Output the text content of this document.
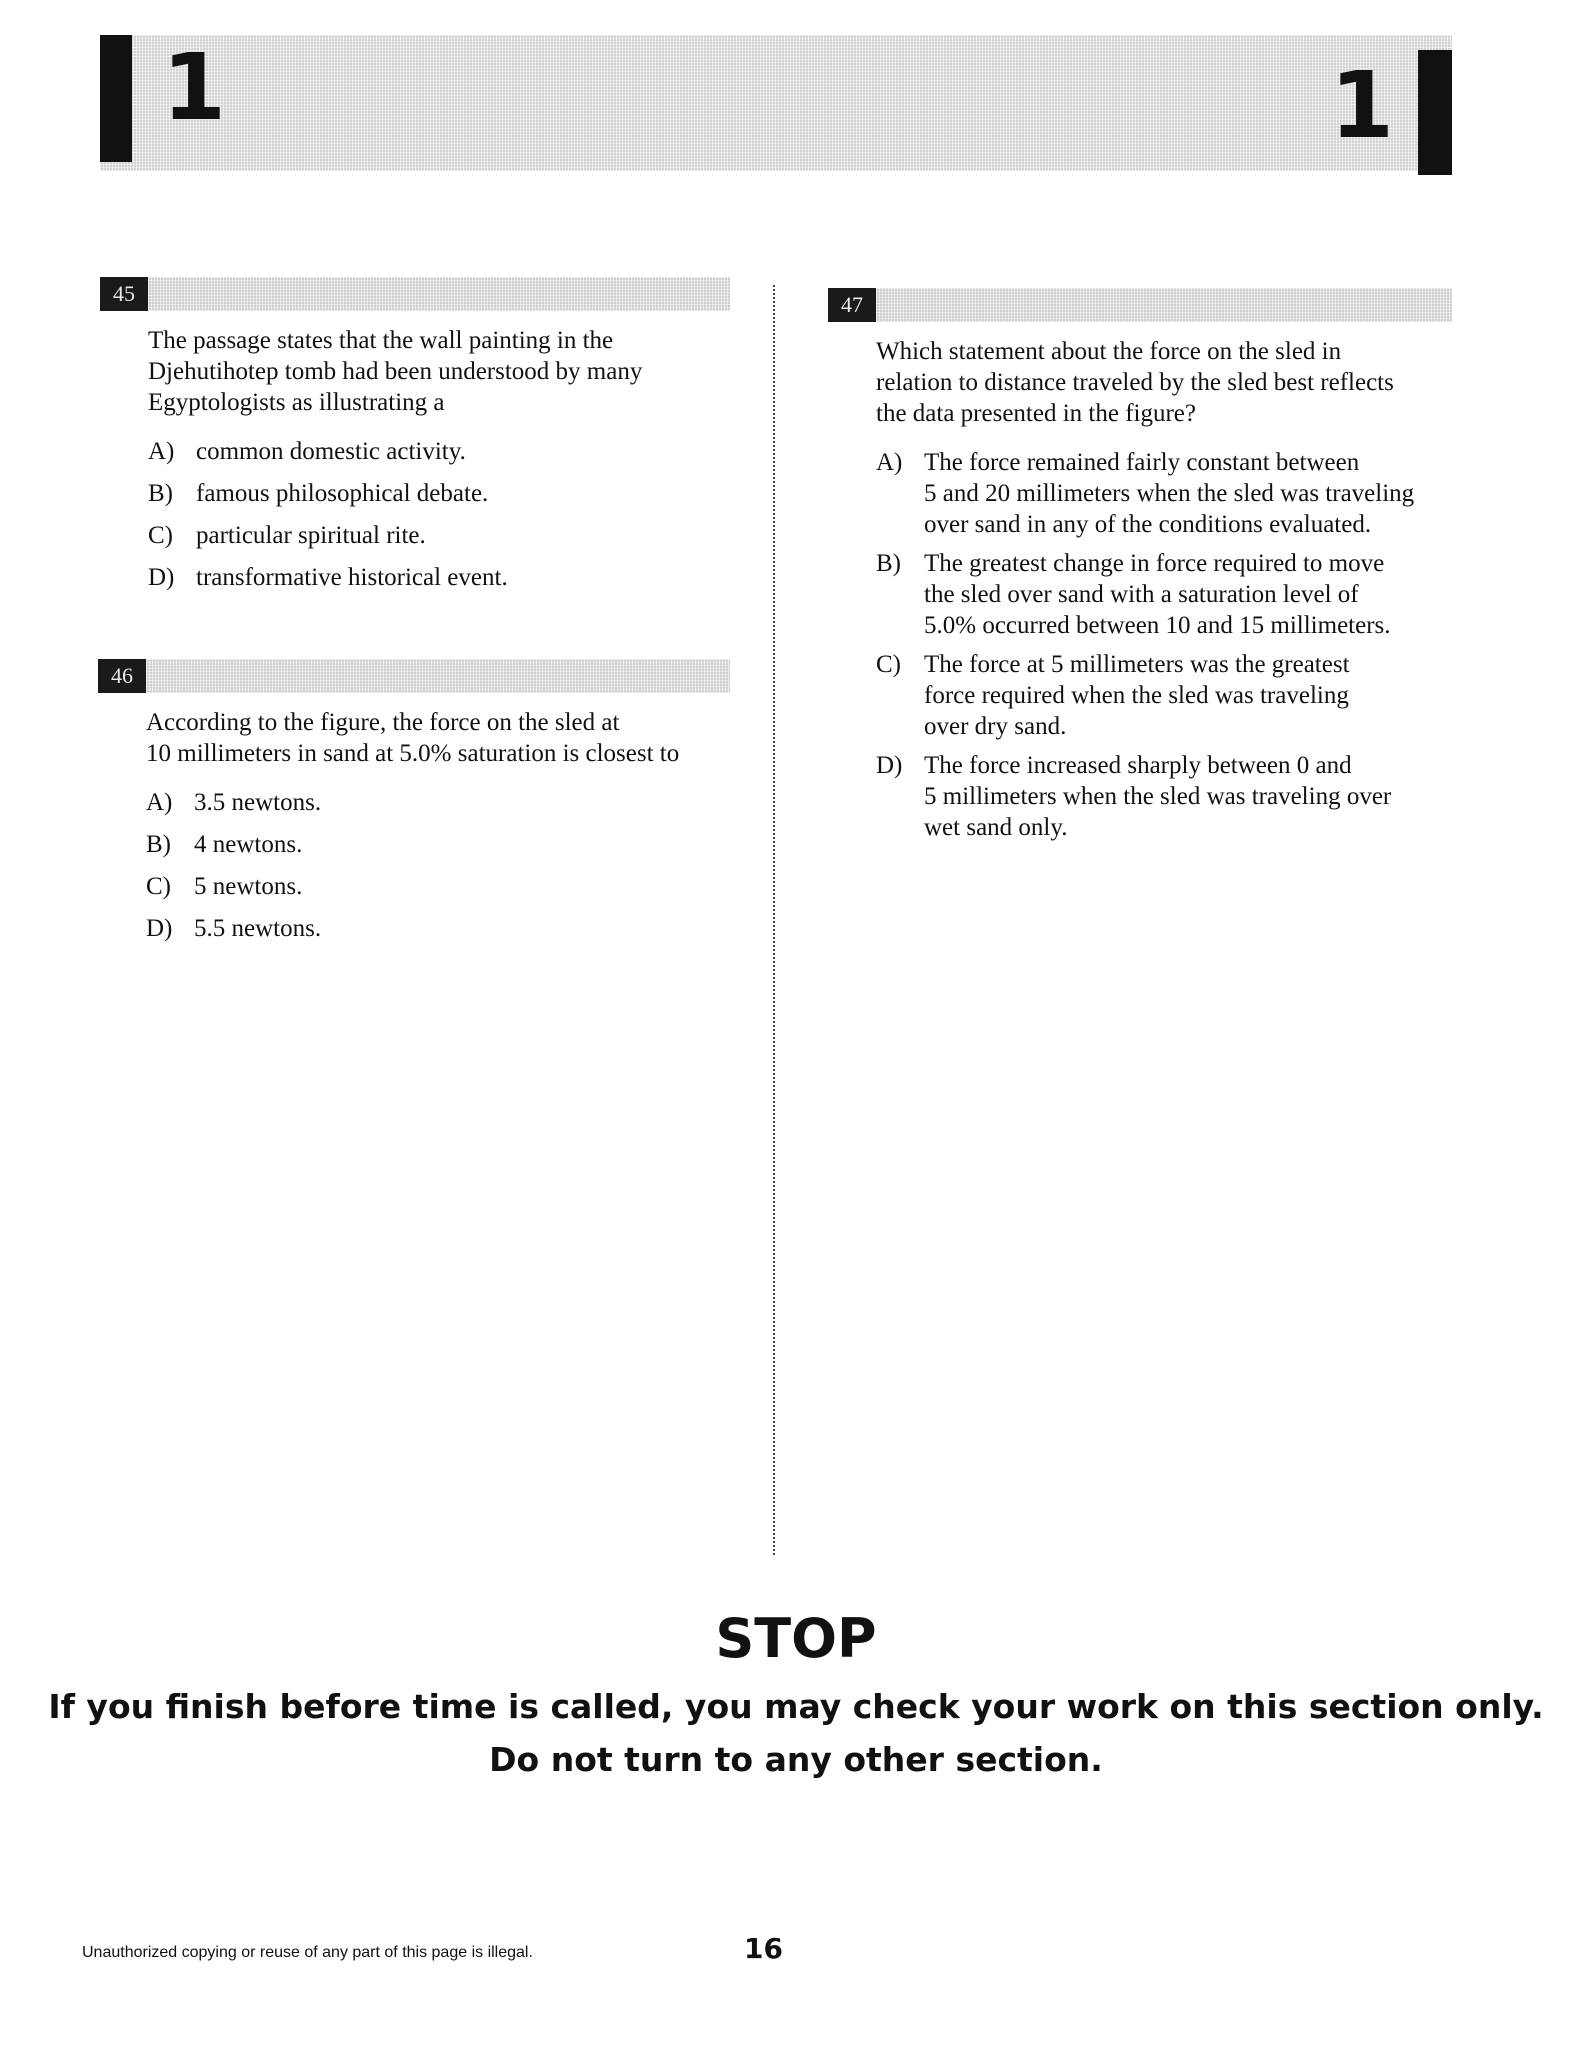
1	1
45
The passage states that the wall painting in the
Djehutihotep tomb had been understood by many
Egyptologists as illustrating a
A) common domestic activity.
B) famous philosophical debate.
C) particular spiritual rite.
D) transformative historical event.
46
According to the figure, the force on the sled at
10 millimeters in sand at 5.0% saturation is closest to
A) 3.5 newtons.
B) 4 newtons.
C) 5 newtons.
D) 5.5 newtons.
47
Which statement about the force on the sled in
relation to distance traveled by the sled best reflects
the data presented in the figure?
A) The force remained fairly constant between
5 and 20 millimeters when the sled was traveling
over sand in any of the conditions evaluated.
B) The greatest change in force required to move
the sled over sand with a saturation level of
5.0% occurred between 10 and 15 millimeters.
C) The force at 5 millimeters was the greatest
force required when the sled was traveling
over dry sand.
D) The force increased sharply between 0 and
5 millimeters when the sled was traveling over
wet sand only.
STOP
If you finish before time is called, you may check your work on this section only.
Do not turn to any other section.
Unauthorized copying or reuse of any part of this page is illegal.	16
